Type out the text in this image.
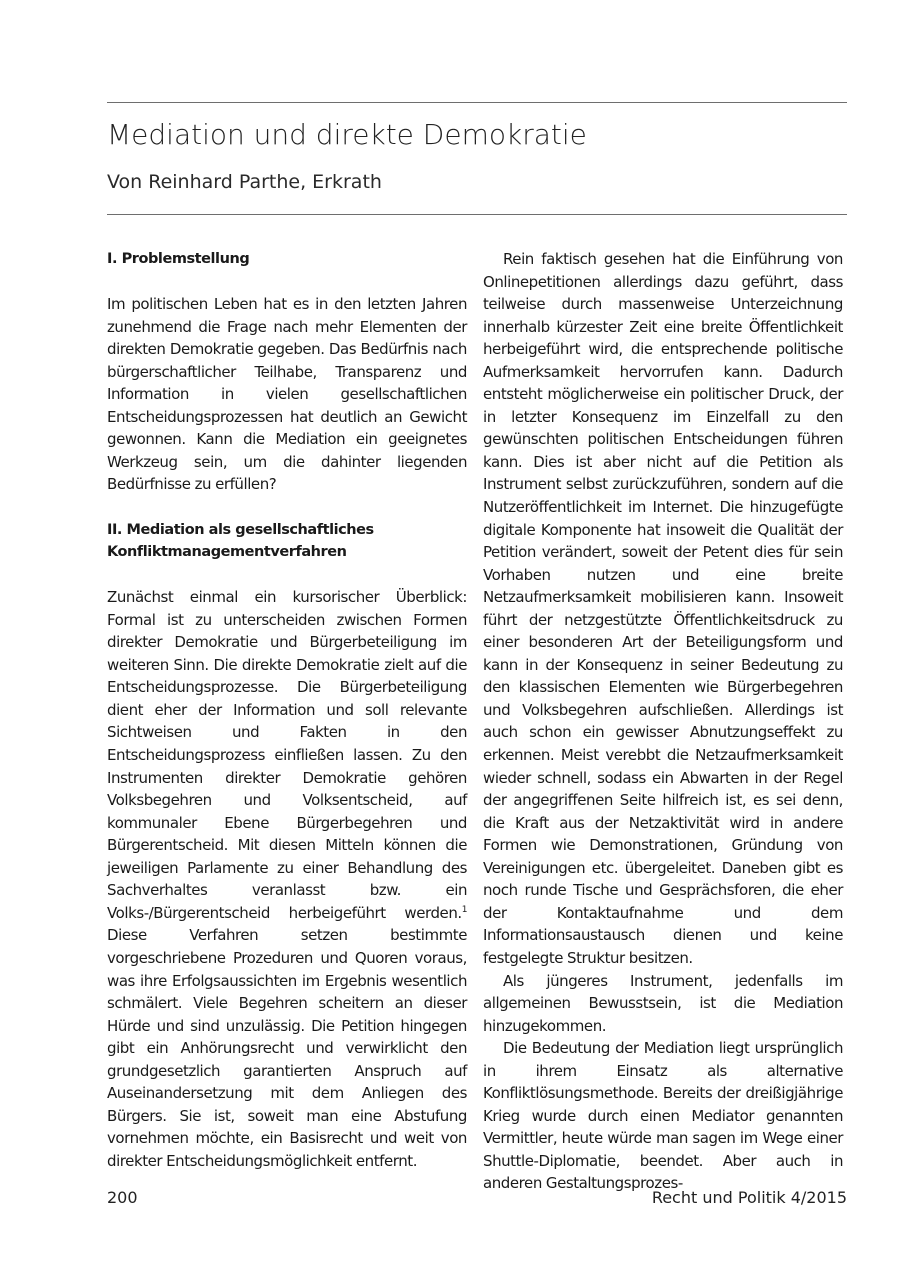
Mediation und direkte Demokratie
Von Reinhard Parthe, Erkrath
I. Problemstellung

Im politischen Leben hat es in den letzten Jahren zunehmend die Frage nach mehr Elementen der direkten Demokratie gegeben. Das Bedürfnis nach bürgerschaftlicher Teilhabe, Transparenz und Information in vielen gesellschaftlichen Entscheidungsprozessen hat deutlich an Gewicht gewonnen. Kann die Mediation ein geeignetes Werkzeug sein, um die dahinter liegenden Bedürfnisse zu erfüllen?

II. Mediation als gesellschaftliches
Konfliktmanagementverfahren

Zunächst einmal ein kursorischer Überblick: Formal ist zu unterscheiden zwischen Formen direkter Demokratie und Bürgerbeteiligung im weiteren Sinn. Die direkte Demokratie zielt auf die Entscheidungsprozesse. Die Bürgerbeteiligung dient eher der Information und soll relevante Sichtweisen und Fakten in den Entscheidungsprozess einfließen lassen. Zu den Instrumenten direkter Demokratie gehören Volksbegehren und Volksentscheid, auf kommunaler Ebene Bürgerbegehren und Bürgerentscheid. Mit diesen Mitteln können die jeweiligen Parlamente zu einer Behandlung des Sachverhaltes veranlasst bzw. ein Volks-/Bürgerentscheid herbeigeführt werden.$^1$ Diese Verfahren setzen bestimmte vorgeschriebene Prozeduren und Quoren voraus, was ihre Erfolgsaussichten im Ergebnis wesentlich schmälert. Viele Begehren scheitern an dieser Hürde und sind unzulässig. Die Petition hingegen gibt ein Anhörungsrecht und verwirklicht den grundgesetzlich garantierten Anspruch auf Auseinandersetzung mit dem Anliegen des Bürgers. Sie ist, soweit man eine Abstufung vornehmen möchte, ein Basisrecht und weit von direkter Entscheidungsmöglichkeit entfernt.

Rein faktisch gesehen hat die Einführung von Onlinepetitionen allerdings dazu geführt, dass teilweise durch massenweise Unterzeichnung innerhalb kürzester Zeit eine breite Öffentlichkeit herbeigeführt wird, die entsprechende politische Aufmerksamkeit hervorrufen kann. Dadurch entsteht möglicherweise ein politischer Druck, der in letzter Konsequenz im Einzelfall zu den gewünschten politischen Entscheidungen führen kann. Dies ist aber nicht auf die Petition als Instrument selbst zurückzuführen, sondern auf die Nutzeröffentlichkeit im Internet. Die hinzugefügte digitale Komponente hat insoweit die Qualität der Petition verändert, soweit der Petent dies für sein Vorhaben nutzen und eine breite Netzaufmerksamkeit mobilisieren kann. Insoweit führt der netzgestützte Öffentlichkeitsdruck zu einer besonderen Art der Beteiligungsform und kann in der Konsequenz in seiner Bedeutung zu den klassischen Elementen wie Bürgerbegehren und Volksbegehren aufschließen. Allerdings ist auch schon ein gewisser Abnutzungseffekt zu erkennen. Meist verebbt die Netzaufmerksamkeit wieder schnell, sodass ein Abwarten in der Regel der angegriffenen Seite hilfreich ist, es sei denn, die Kraft aus der Netzaktivität wird in andere Formen wie Demonstrationen, Gründung von Vereinigungen etc. übergeleitet. Daneben gibt es noch runde Tische und Gesprächsforen, die eher der Kontaktaufnahme und dem Informationsaustausch dienen und keine festgelegte Struktur besitzen.

Als jüngeres Instrument, jedenfalls im allgemeinen Bewusstsein, ist die Mediation hinzugekommen.

Die Bedeutung der Mediation liegt ursprünglich in ihrem Einsatz als alternative Konfliktlösungsmethode. Bereits der dreißigjährige Krieg wurde durch einen Mediator genannten Vermittler, heute würde man sagen im Wege einer Shuttle-Diplomatie, beendet. Aber auch in anderen Gestaltungsprozes-

200	Recht und Politik 4/2015
